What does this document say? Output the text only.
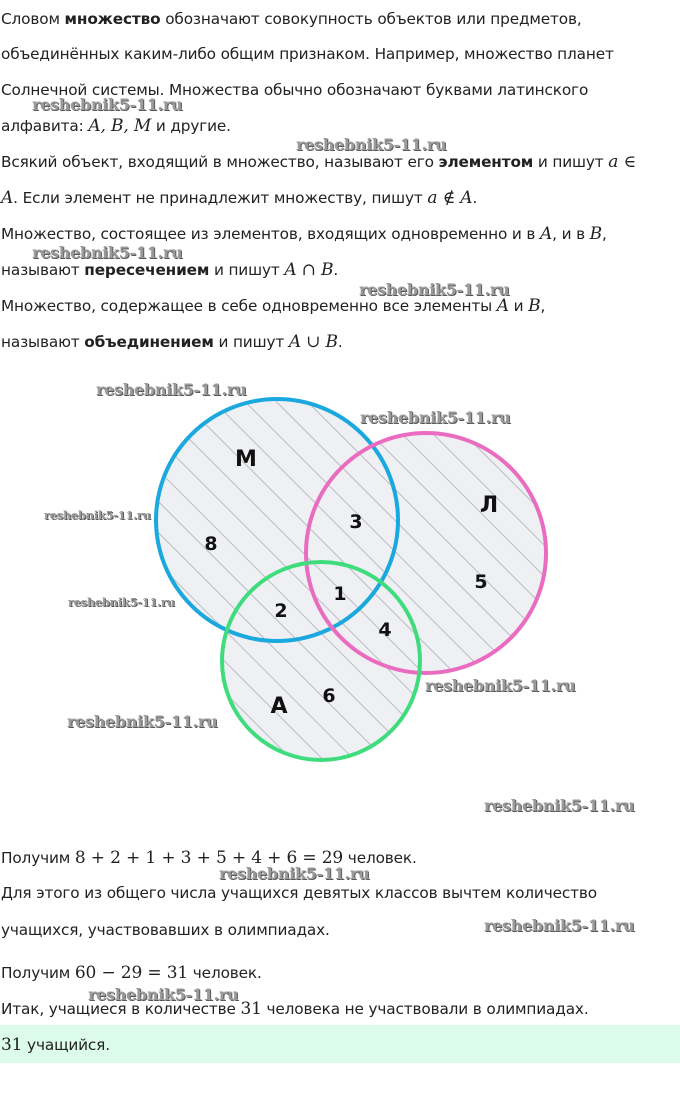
Словом множество обозначают совокупность объектов или предметов,
объединённых каким-либо общим признаком. Например, множество планет
Солнечной системы. Множества обычно обозначают буквами латинского
алфавита: A, B, M и другие.
Всякий объект, входящий в множество, называют его элементом и пишут a ∈
A. Если элемент не принадлежит множеству, пишут a ∉ A.
Множество, состоящее из элементов, входящих одновременно и в A, и в B,
называют пересечением и пишут A ∩ B.
Множество, содержащее в себе одновременно все элементы A и B,
называют объединением и пишут A ∪ B.
М
Л
А
8
3
1
2
4
5
6
Получим 8 + 2 + 1 + 3 + 5 + 4 + 6 = 29 человек.
Для этого из общего числа учащихся девятых классов вычтем количество
учащихся, участвовавших в олимпиадах.
Получим 60 − 29 = 31 человек.
Итак, учащиеся в количестве 31 человека не участвовали в олимпиадах.
31 учащийся.
reshebnik5-11.ru
reshebnik5-11.ru
reshebnik5-11.ru
reshebnik5-11.ru
reshebnik5-11.ru
reshebnik5-11.ru
reshebnik5-11.ru
reshebnik5-11.ru
reshebnik5-11.ru
reshebnik5-11.ru
reshebnik5-11.ru
reshebnik5-11.ru
reshebnik5-11.ru
reshebnik5-11.ru
